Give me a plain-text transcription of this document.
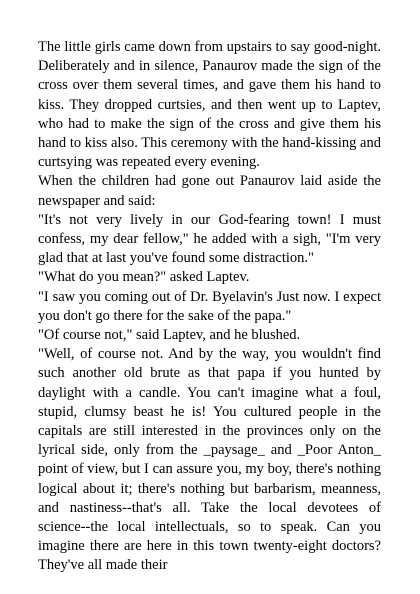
The little girls came down from upstairs to say good-night. Deliberately and in silence, Panaurov made the sign of the cross over them several times, and gave them his hand to kiss. They dropped curtsies, and then went up to Laptev, who had to make the sign of the cross and give them his hand to kiss also. This ceremony with the hand-kissing and curtsying was repeated every evening.

When the children had gone out Panaurov laid aside the newspaper and said:

"It's not very lively in our God-fearing town! I must confess, my dear fellow," he added with a sigh, "I'm very glad that at last you've found some distraction."

"What do you mean?" asked Laptev.

"I saw you coming out of Dr. Byelavin's Just now. I expect you don't go there for the sake of the papa."

"Of course not," said Laptev, and he blushed.

"Well, of course not. And by the way, you wouldn't find such another old brute as that papa if you hunted by daylight with a candle. You can't imagine what a foul, stupid, clumsy beast he is! You cultured people in the capitals are still interested in the provinces only on the lyrical side, only from the _paysage_ and _Poor Anton_ point of view, but I can assure you, my boy, there's nothing logical about it; there's nothing but barbarism, meanness, and nastiness--that's all. Take the local devotees of science--the local intellectuals, so to speak. Can you imagine there are here in this town twenty-eight doctors? They've all made their
